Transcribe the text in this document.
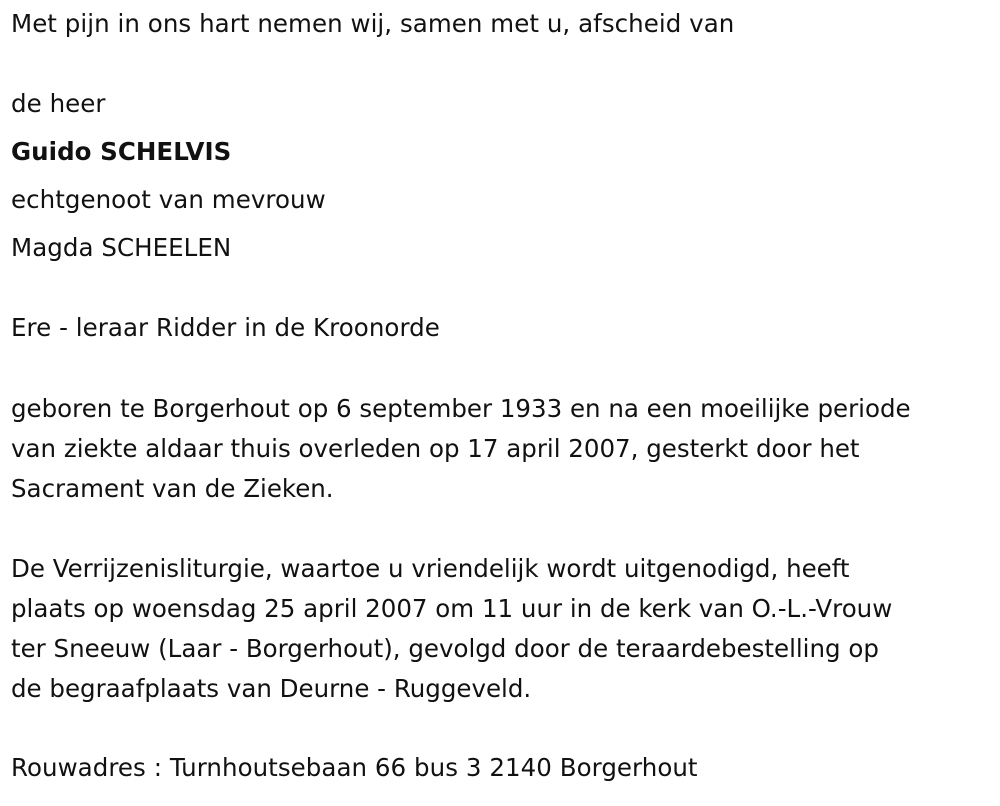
Met pijn in ons hart nemen wij, samen met u, afscheid van
de heer
Guido SCHELVIS
echtgenoot van mevrouw
Magda SCHEELEN
Ere - leraar Ridder in de Kroonorde
geboren te Borgerhout op 6 september 1933 en na een moeilijke periode
van ziekte aldaar thuis overleden op 17 april 2007, gesterkt door het
Sacrament van de Zieken.
De Verrijzenisliturgie, waartoe u vriendelijk wordt uitgenodigd, heeft
plaats op woensdag 25 april 2007 om 11 uur in de kerk van O.-L.-Vrouw
ter Sneeuw (Laar - Borgerhout), gevolgd door de teraardebestelling op
de begraafplaats van Deurne - Ruggeveld.
Rouwadres : Turnhoutsebaan 66 bus 3 2140 Borgerhout
